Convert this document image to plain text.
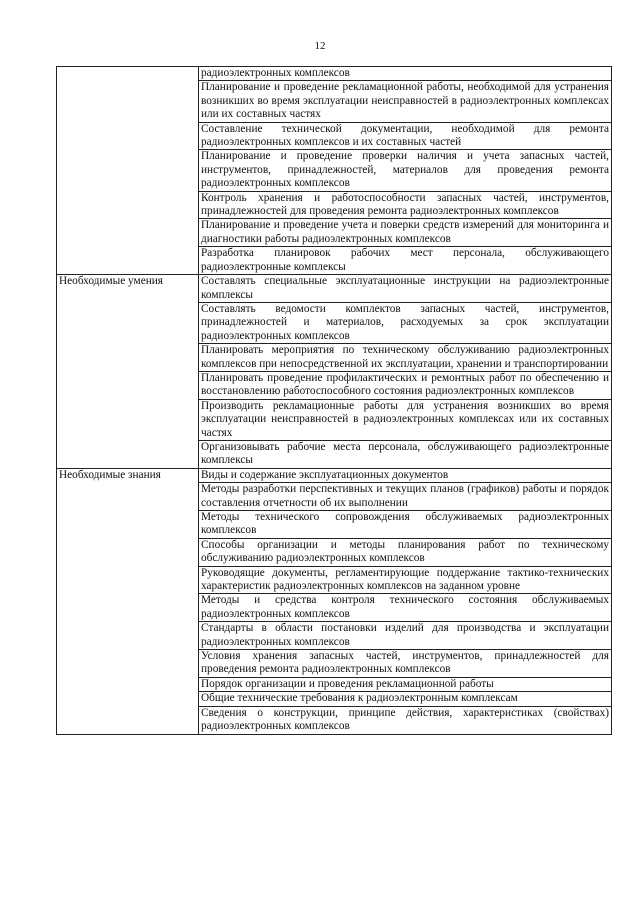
12
	радиоэлектронных комплексов
	Планирование и проведение рекламационной работы, необходимой для устранения возникших во время эксплуатации неисправностей в радиоэлектронных комплексах или их составных частях
	Составление технической документации, необходимой для ремонта радиоэлектронных комплексов и их составных частей
	Планирование и проведение проверки наличия и учета запасных частей, инструментов, принадлежностей, материалов для проведения ремонта радиоэлектронных комплексов
	Контроль хранения и работоспособности запасных частей, инструментов, принадлежностей для проведения ремонта радиоэлектронных комплексов
	Планирование и проведение учета и поверки средств измерений для мониторинга и диагностики работы радиоэлектронных комплексов
	Разработка планировок рабочих мест персонала, обслуживающего радиоэлектронные комплексы
Необходимые умения	Составлять специальные эксплуатационные инструкции на радиоэлектронные комплексы
	Составлять ведомости комплектов запасных частей, инструментов, принадлежностей и материалов, расходуемых за срок эксплуатации радиоэлектронных комплексов
	Планировать мероприятия по техническому обслуживанию радиоэлектронных комплексов при непосредственной их эксплуатации, хранении и транспортировании
	Планировать проведение профилактических и ремонтных работ по обеспечению и восстановлению работоспособного состояния радиоэлектронных комплексов
	Производить рекламационные работы для устранения возникших во время эксплуатации неисправностей в радиоэлектронных комплексах или их составных частях
	Организовывать рабочие места персонала, обслуживающего радиоэлектронные комплексы
Необходимые знания	Виды и содержание эксплуатационных документов
	Методы разработки перспективных и текущих планов (графиков) работы и порядок составления отчетности об их выполнении
	Методы технического сопровождения обслуживаемых радиоэлектронных комплексов
	Способы организации и методы планирования работ по техническому обслуживанию радиоэлектронных комплексов
	Руководящие документы, регламентирующие поддержание тактико-технических характеристик радиоэлектронных комплексов на заданном уровне
	Методы и средства контроля технического состояния обслуживаемых радиоэлектронных комплексов
	Стандарты в области постановки изделий для производства и эксплуатации радиоэлектронных комплексов
	Условия хранения запасных частей, инструментов, принадлежностей для проведения ремонта радиоэлектронных комплексов
	Порядок организации и проведения рекламационной работы
	Общие технические требования к радиоэлектронным комплексам
	Сведения о конструкции, принципе действия, характеристиках (свойствах) радиоэлектронных комплексов
